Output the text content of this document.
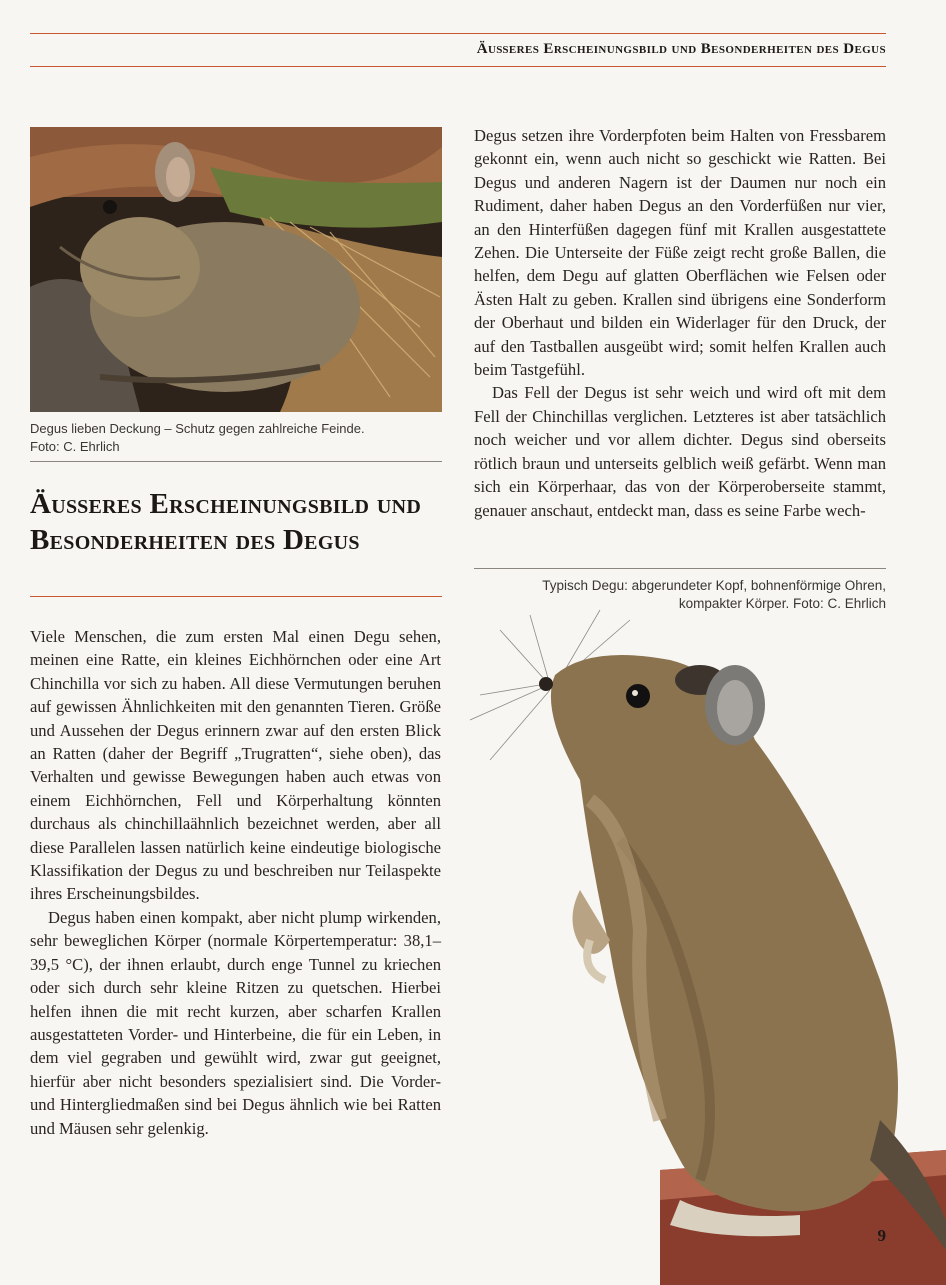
Äußeres Erscheinungsbild und Besonderheiten des Degus
Degus lieben Deckung – Schutz gegen zahlreiche Feinde.
Foto: C. Ehrlich
Äußeres Erscheinungsbild und Besonderheiten des Degus

Viele Menschen, die zum ersten Mal einen Degu sehen, meinen eine Ratte, ein kleines Eichhörnchen oder eine Art Chinchilla vor sich zu haben. All diese Vermutungen beruhen auf gewissen Ähnlichkeiten mit den genannten Tieren. Größe und Aussehen der Degus erinnern zwar auf den ersten Blick an Ratten (daher der Begriff „Trugratten“, siehe oben), das Verhalten und gewisse Bewegungen haben auch etwas von einem Eichhörnchen, Fell und Körperhaltung könnten durchaus als chinchillaähnlich bezeichnet werden, aber all diese Parallelen lassen natürlich keine eindeutige biologische Klassifikation der Degus zu und beschreiben nur Teilaspekte ihres Erscheinungsbildes.

Degus haben einen kompakt, aber nicht plump wirkenden, sehr beweglichen Körper (normale Körpertemperatur: 38,1–39,5 °C), der ihnen erlaubt, durch enge Tunnel zu kriechen oder sich durch sehr kleine Ritzen zu quetschen. Hierbei helfen ihnen die mit recht kurzen, aber scharfen Krallen ausgestatteten Vorder- und Hinterbeine, die für ein Leben, in dem viel gegraben und gewühlt wird, zwar gut geeignet, hierfür aber nicht besonders spezialisiert sind. Die Vorder- und Hintergliedmaßen sind bei Degus ähnlich wie bei Ratten und Mäusen sehr gelenkig.

Degus setzen ihre Vorderpfoten beim Halten von Fressbarem gekonnt ein, wenn auch nicht so geschickt wie Ratten. Bei Degus und anderen Nagern ist der Daumen nur noch ein Rudiment, daher haben Degus an den Vorderfüßen nur vier, an den Hinterfüßen dagegen fünf mit Krallen ausgestattete Zehen. Die Unterseite der Füße zeigt recht große Ballen, die helfen, dem Degu auf glatten Oberflächen wie Felsen oder Ästen Halt zu geben. Krallen sind übrigens eine Sonderform der Oberhaut und bilden ein Widerlager für den Druck, der auf den Tastballen ausgeübt wird; somit helfen Krallen auch beim Tastgefühl.

Das Fell der Degus ist sehr weich und wird oft mit dem Fell der Chinchillas verglichen. Letzteres ist aber tatsächlich noch weicher und vor allem dichter. Degus sind oberseits rötlich braun und unterseits gelblich weiß gefärbt. Wenn man sich ein Körperhaar, das von der Körperoberseite stammt, genauer anschaut, entdeckt man, dass es seine Farbe wech-

Typisch Degu: abgerundeter Kopf, bohnenförmige Ohren,
kompakter Körper. Foto: C. Ehrlich
9
